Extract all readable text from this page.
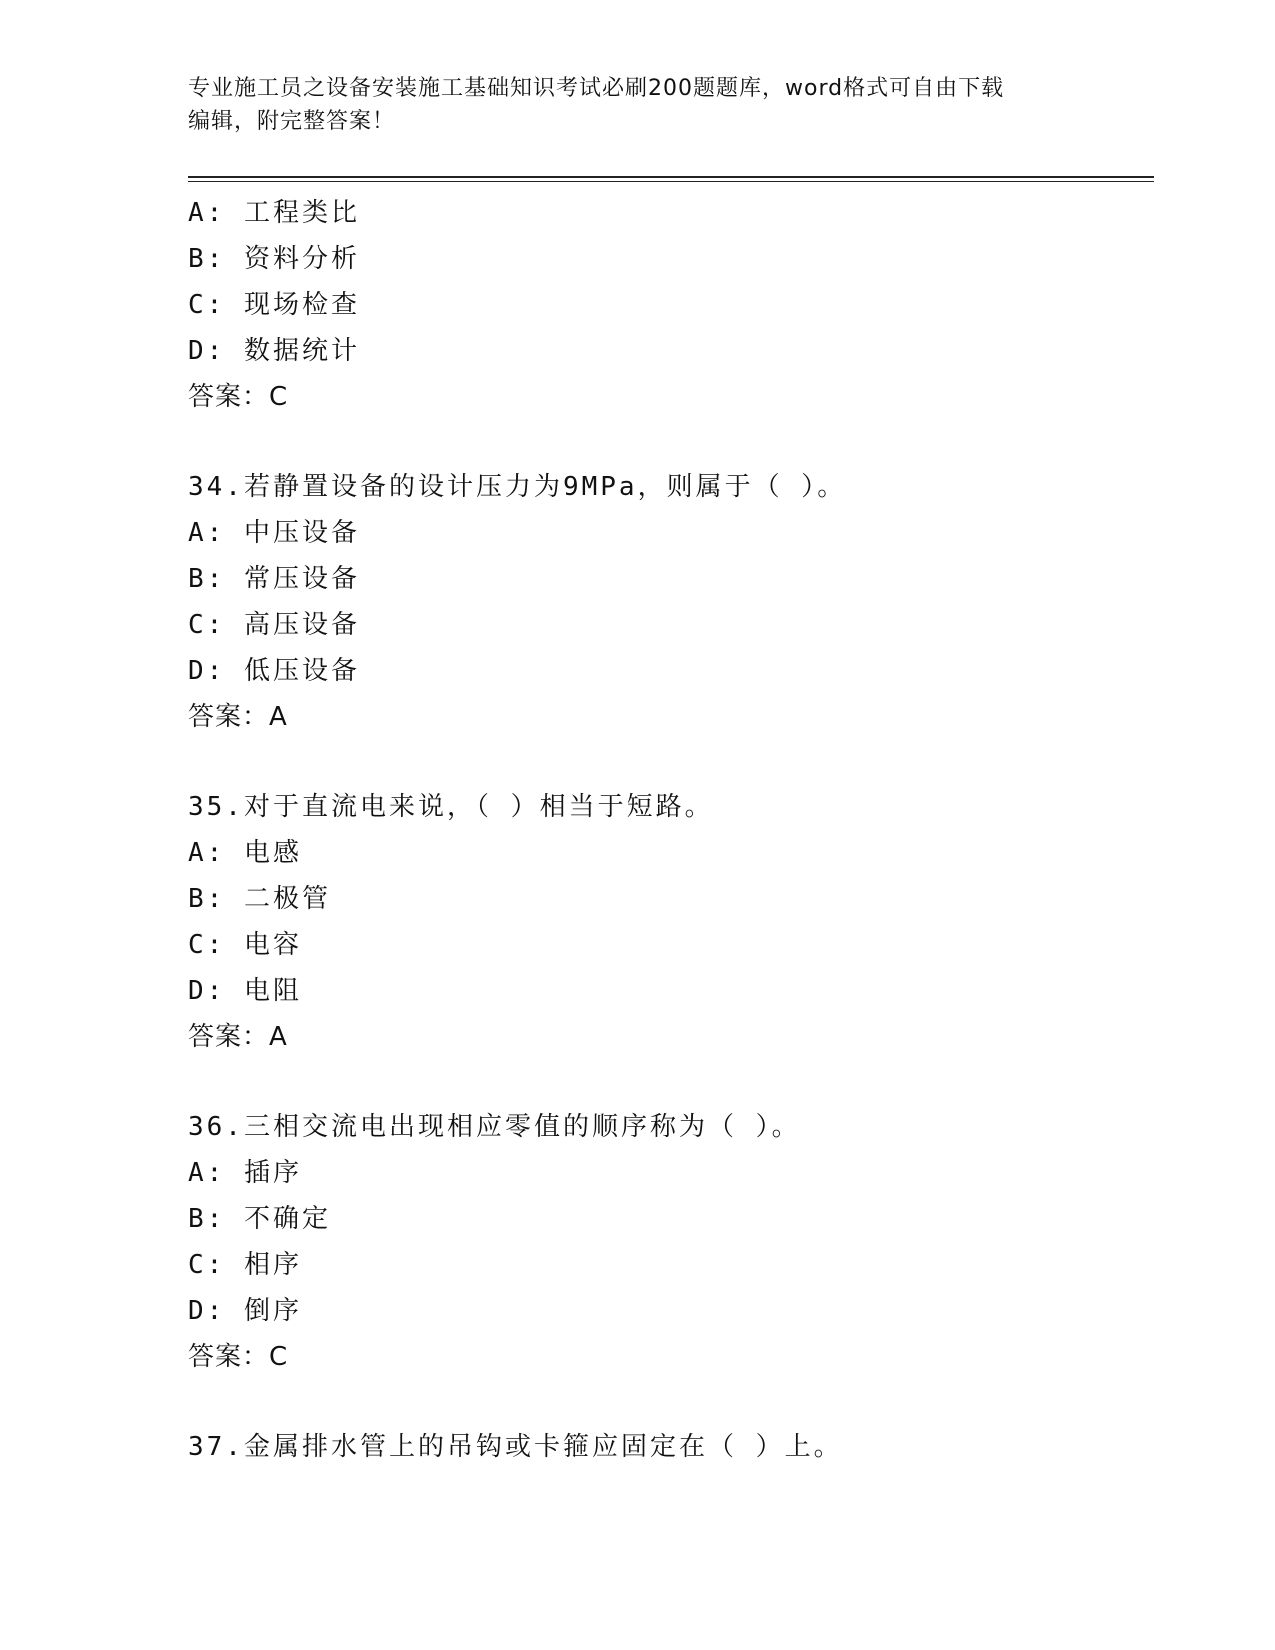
专业施工员之设备安装施工基础知识考试必刷200题题库，word格式可自由下载
编辑，附完整答案！
A: 工程类比
B: 资料分析
C: 现场检查
D: 数据统计
答案：C
34.若静置设备的设计压力为9MPa，则属于（ ）。
A: 中压设备
B: 常压设备
C: 高压设备
D: 低压设备
答案：A
35.对于直流电来说，（ ）相当于短路。
A: 电感
B: 二极管
C: 电容
D: 电阻
答案：A
36.三相交流电出现相应零值的顺序称为（ ）。
A: 插序
B: 不确定
C: 相序
D: 倒序
答案：C
37.金属排水管上的吊钩或卡箍应固定在（ ）上。
